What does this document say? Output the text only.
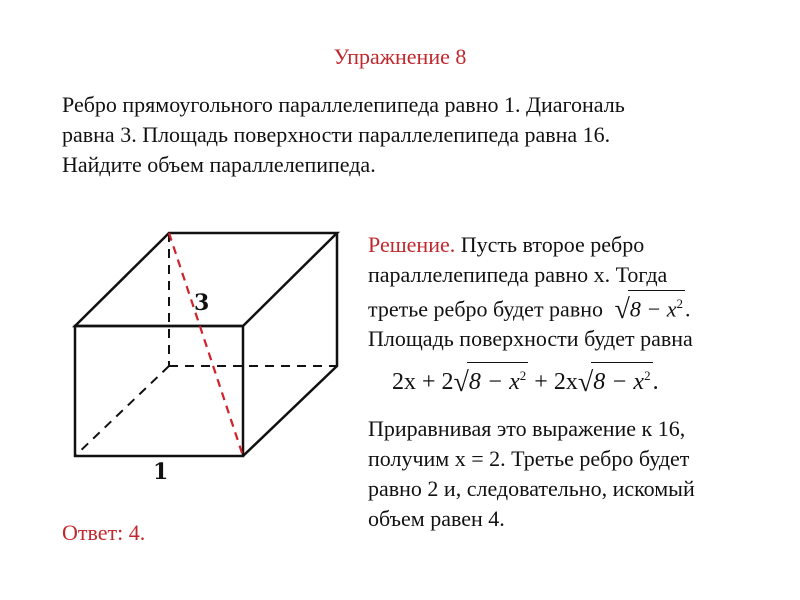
Упражнение 8
Ребро прямоугольного параллелепипеда равно 1. Диагональ
равна 3. Площадь поверхности параллелепипеда равна 16.
Найдите объем параллелепипеда.
3
1
Решение. Пусть второе ребро
параллелепипеда равно x. Тогда
третье ребро будет равно $√8 - x^2$.
Площадь поверхности будет равна
$2x + 2√8 - x^2 + 2x√8 - x^2$.
Приравнивая это выражение к 16,
получим x = 2. Третье ребро будет
равно 2 и, следовательно, искомый
объем равен 4.
Ответ: 4.
